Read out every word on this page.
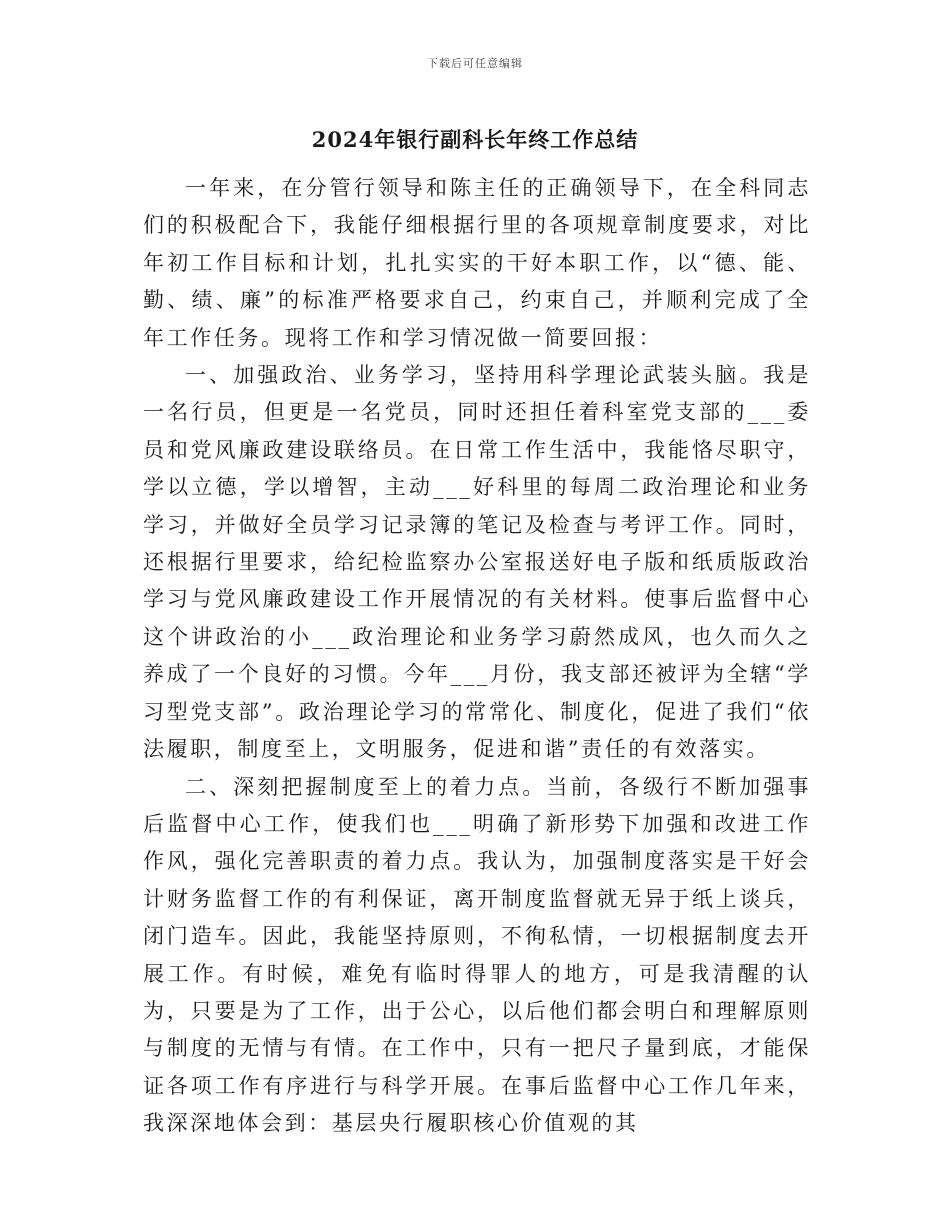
下载后可任意编辑
2024年银行副科长年终工作总结

一年来，在分管行领导和陈主任的正确领导下，在全科同志们的积极配合下，我能仔细根据行里的各项规章制度要求，对比年初工作目标和计划，扎扎实实的干好本职工作，以“德、能、勤、绩、廉”的标准严格要求自己，约束自己，并顺利完成了全年工作任务。现将工作和学习情况做一简要回报：

一、加强政治、业务学习，坚持用科学理论武装头脑。我是一名行员，但更是一名党员，同时还担任着科室党支部的___委员和党风廉政建设联络员。在日常工作生活中，我能恪尽职守，学以立德，学以增智，主动___好科里的每周二政治理论和业务学习，并做好全员学习记录簿的笔记及检查与考评工作。同时，还根据行里要求，给纪检监察办公室报送好电子版和纸质版政治学习与党风廉政建设工作开展情况的有关材料。使事后监督中心这个讲政治的小___政治理论和业务学习蔚然成风，也久而久之养成了一个良好的习惯。今年___月份，我支部还被评为全辖“学习型党支部”。政治理论学习的常常化、制度化，促进了我们“依法履职，制度至上，文明服务，促进和谐”责任的有效落实。

二、深刻把握制度至上的着力点。当前，各级行不断加强事后监督中心工作，使我们也___明确了新形势下加强和改进工作作风，强化完善职责的着力点。我认为，加强制度落实是干好会计财务监督工作的有利保证，离开制度监督就无异于纸上谈兵，闭门造车。因此，我能坚持原则，不徇私情，一切根据制度去开展工作。有时候，难免有临时得罪人的地方，可是我清醒的认为，只要是为了工作，出于公心，以后他们都会明白和理解原则与制度的无情与有情。在工作中，只有一把尺子量到底，才能保证各项工作有序进行与科学开展。在事后监督中心工作几年来，我深深地体会到：基层央行履职核心价值观的其
